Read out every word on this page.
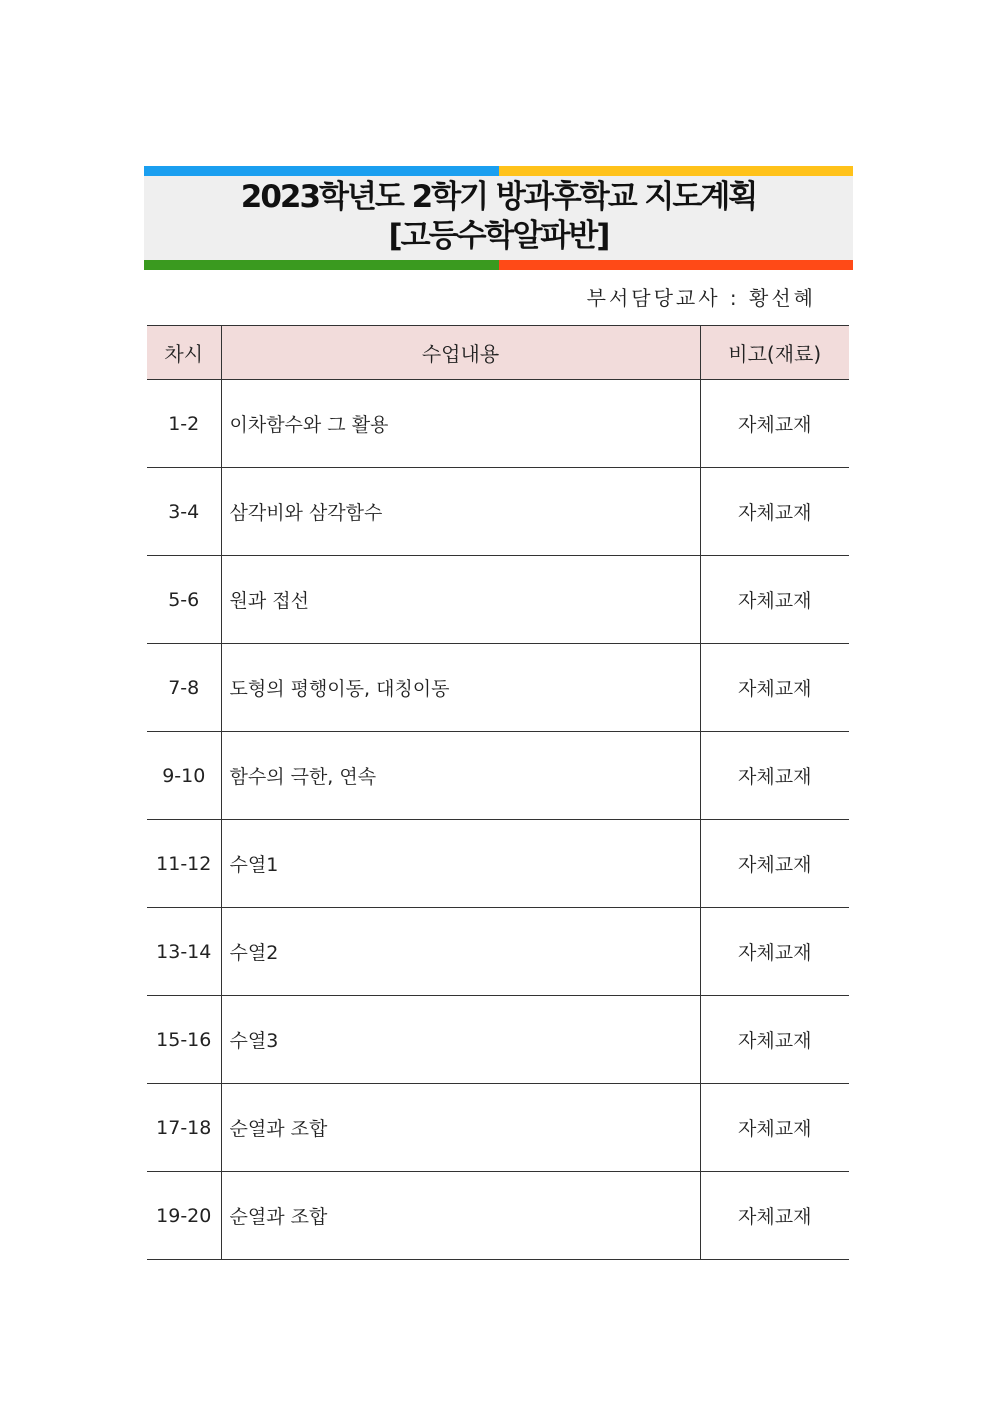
2023학년도 2학기 방과후학교 지도계획
[고등수학알파반]
부서담당교사 : 황선혜
차시	수업내용	비고(재료)
1-2	이차함수와 그 활용	자체교재
3-4	삼각비와 삼각함수	자체교재
5-6	원과 접선	자체교재
7-8	도형의 평행이동, 대칭이동	자체교재
9-10	함수의 극한, 연속	자체교재
11-12	수열1	자체교재
13-14	수열2	자체교재
15-16	수열3	자체교재
17-18	순열과 조합	자체교재
19-20	순열과 조합	자체교재
